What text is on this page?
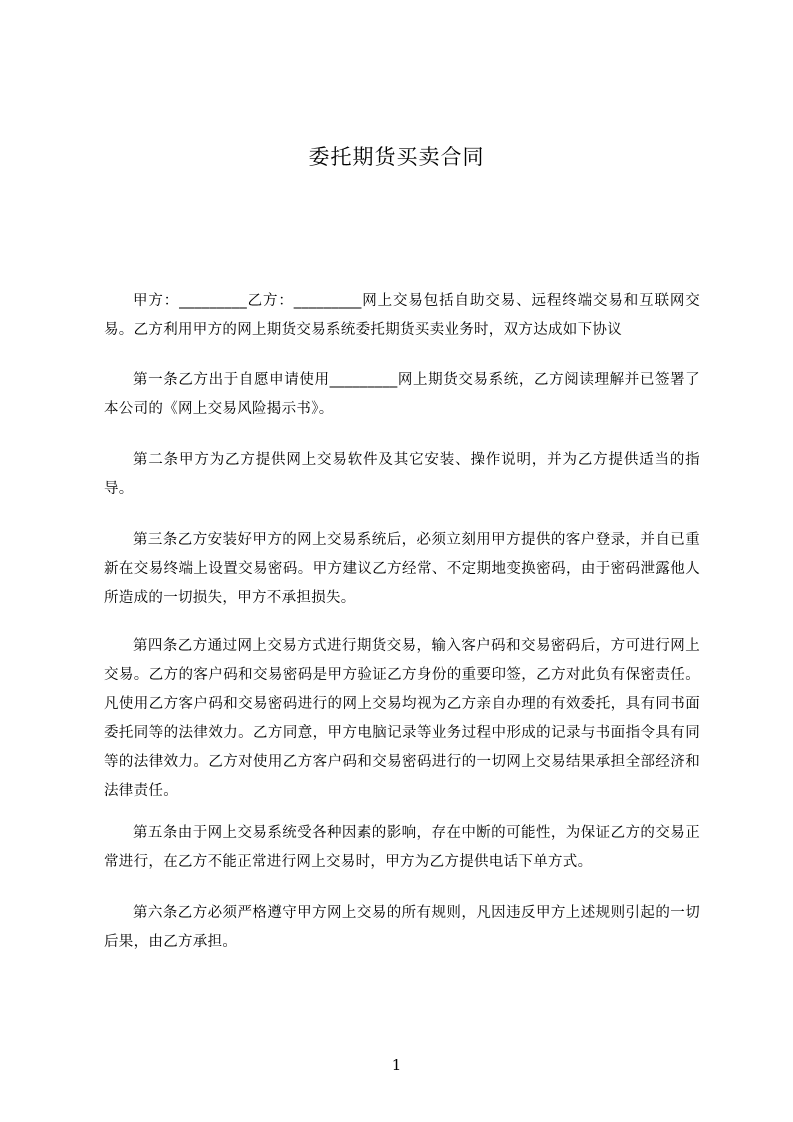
委托期货买卖合同

甲方：_________乙方：_________网上交易包括自助交易、远程终端交易和互联网交易。乙方利用甲方的网上期货交易系统委托期货买卖业务时，双方达成如下协议

第一条乙方出于自愿申请使用_________网上期货交易系统，乙方阅读理解并已签署了本公司的《网上交易风险揭示书》。

第二条甲方为乙方提供网上交易软件及其它安装、操作说明，并为乙方提供适当的指导。

第三条乙方安装好甲方的网上交易系统后，必须立刻用甲方提供的客户登录，并自已重新在交易终端上设置交易密码。甲方建议乙方经常、不定期地变换密码，由于密码泄露他人所造成的一切损失，甲方不承担损失。

第四条乙方通过网上交易方式进行期货交易，输入客户码和交易密码后，方可进行网上交易。乙方的客户码和交易密码是甲方验证乙方身份的重要印签，乙方对此负有保密责任。凡使用乙方客户码和交易密码进行的网上交易均视为乙方亲自办理的有效委托，具有同书面委托同等的法律效力。乙方同意，甲方电脑记录等业务过程中形成的记录与书面指令具有同等的法律效力。乙方对使用乙方客户码和交易密码进行的一切网上交易结果承担全部经济和法律责任。

第五条由于网上交易系统受各种因素的影响，存在中断的可能性，为保证乙方的交易正常进行，在乙方不能正常进行网上交易时，甲方为乙方提供电话下单方式。

第六条乙方必须严格遵守甲方网上交易的所有规则，凡因违反甲方上述规则引起的一切后果，由乙方承担。

1
